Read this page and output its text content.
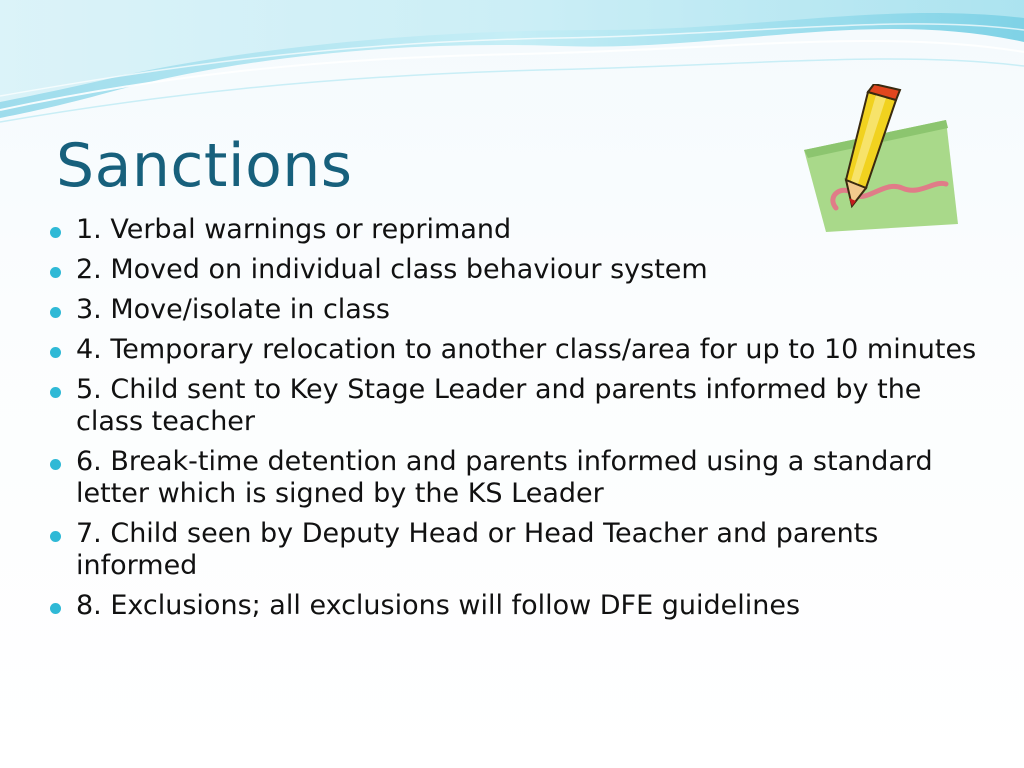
Sanctions
1. Verbal warnings or reprimand
2. Moved on individual class behaviour system
3. Move/isolate in class
4. Temporary relocation to another class/area for up to 10 minutes
5. Child sent to Key Stage Leader and parents informed by the class teacher
6. Break-time detention and parents informed using a standard letter which is signed by the KS Leader
7. Child seen by Deputy Head or Head Teacher and parents informed
8. Exclusions; all exclusions will follow DFE guidelines
